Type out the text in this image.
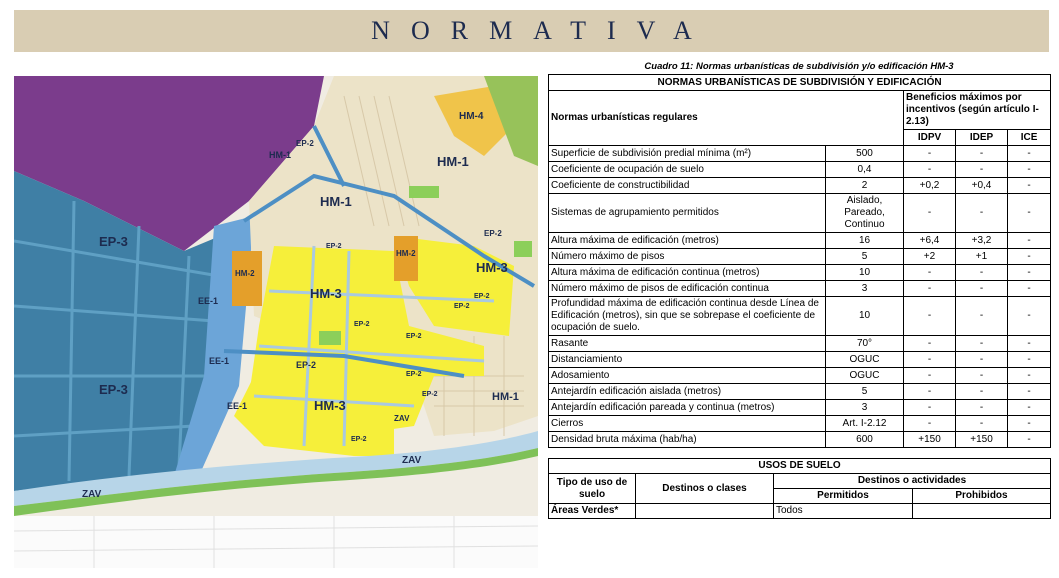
NORMATIVA
HM-4
HM-1
HM-1
HM-1
EP-2
EP-3
EP-3
HM-2
HM-2
HM-3
HM-3
HM-3
EE-1
EE-1
EE-1
EP-2
EP-2
EP-2
EP-2
EP-2
EP-2
EP-2
EP-2
EP-2
EP-2
HM-1
ZAV
ZAV
ZAV
Cuadro 11: Normas urbanísticas de subdivisión y/o edificación HM-3
NORMAS URBANÍSTICAS DE SUBDIVISIÓN Y EDIFICACIÓN				
Normas urbanísticas regulares		Beneficios máximos por incentivos (según artículo I-2.13)		
		IDPV	IDEP	ICE
Superficie de subdivisión predial mínima (m²)	500	-	-	-
Coeficiente de ocupación de suelo	0,4	-	-	-
Coeficiente de constructibilidad	2	+0,2	+0,4	-
Sistemas de agrupamiento permitidos	Aislado, Pareado, Continuo	-	-	-
Altura máxima de edificación (metros)	16	+6,4	+3,2	-
Número máximo de pisos	5	+2	+1	-
Altura máxima de edificación continua (metros)	10	-	-	-
Número máximo de pisos de edificación continua	3	-	-	-
Profundidad máxima de edificación continua desde Línea de Edificación (metros), sin que se sobrepase el coeficiente de ocupación de suelo.	10	-	-	-
Rasante	70°	-	-	-
Distanciamiento	OGUC	-	-	-
Adosamiento	OGUC	-	-	-
Antejardín edificación aislada (metros)	5	-	-	-
Antejardín edificación pareada y continua (metros)	3	-	-	-
Cierros	Art. I-2.12	-	-	-
Densidad bruta máxima (hab/ha)	600	+150	+150	-
USOS DE SUELO			
Tipo de uso de suelo	Destinos o clases	Destinos o actividades	
		Permitidos	Prohibidos
Áreas Verdes*		Todos	
